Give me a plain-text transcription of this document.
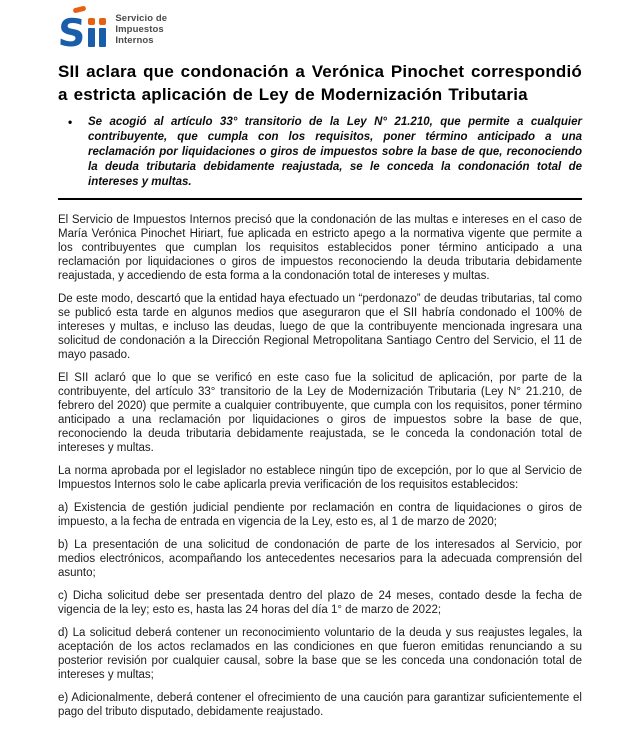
S	Servicio de
Impuestos
Internos
SII aclara que condonación a Verónica Pinochet correspondió a estricta aplicación de Ley de Modernización Tributaria
•	Se acogió al artículo 33° transitorio de la Ley N° 21.210, que permite a cualquier contribuyente, que cumpla con los requisitos, poner término anticipado a una reclamación por liquidaciones o giros de impuestos sobre la base de que, reconociendo la deuda tributaria debidamente reajustada, se le conceda la condonación total de intereses y multas.

El Servicio de Impuestos Internos precisó que la condonación de las multas e intereses en el caso de María Verónica Pinochet Hiriart, fue aplicada en estricto apego a la normativa vigente que permite a los contribuyentes que cumplan los requisitos establecidos poner término anticipado a una reclamación por liquidaciones o giros de impuestos reconociendo la deuda tributaria debidamente reajustada, y accediendo de esta forma a la condonación total de intereses y multas.

De este modo, descartó que la entidad haya efectuado un “perdonazo” de deudas tributarias, tal como se publicó esta tarde en algunos medios que aseguraron que el SII habría condonado el 100% de intereses y multas, e incluso las deudas, luego de que la contribuyente mencionada ingresara una solicitud de condonación a la Dirección Regional Metropolitana Santiago Centro del Servicio, el 11 de mayo pasado.

El SII aclaró que lo que se verificó en este caso fue la solicitud de aplicación, por parte de la contribuyente, del artículo 33° transitorio de la Ley de Modernización Tributaria (Ley N° 21.210, de febrero del 2020) que permite a cualquier contribuyente, que cumpla con los requisitos, poner término anticipado a una reclamación por liquidaciones o giros de impuestos sobre la base de que, reconociendo la deuda tributaria debidamente reajustada, se le conceda la condonación total de intereses y multas.

La norma aprobada por el legislador no establece ningún tipo de excepción, por lo que al Servicio de Impuestos Internos solo le cabe aplicarla previa verificación de los requisitos establecidos:

a) Existencia de gestión judicial pendiente por reclamación en contra de liquidaciones o giros de impuesto, a la fecha de entrada en vigencia de la Ley, esto es, al 1 de marzo de 2020;

b) La presentación de una solicitud de condonación de parte de los interesados al Servicio, por medios electrónicos, acompañando los antecedentes necesarios para la adecuada comprensión del asunto;

c) Dicha solicitud debe ser presentada dentro del plazo de 24 meses, contado desde la fecha de vigencia de la ley; esto es, hasta las 24 horas del día 1° de marzo de 2022;

d) La solicitud deberá contener un reconocimiento voluntario de la deuda y sus reajustes legales, la aceptación de los actos reclamados en las condiciones en que fueron emitidas renunciando a su posterior revisión por cualquier causal, sobre la base que se les conceda una condonación total de intereses y multas;

e) Adicionalmente, deberá contener el ofrecimiento de una caución para garantizar suficientemente el pago del tributo disputado, debidamente reajustado.
